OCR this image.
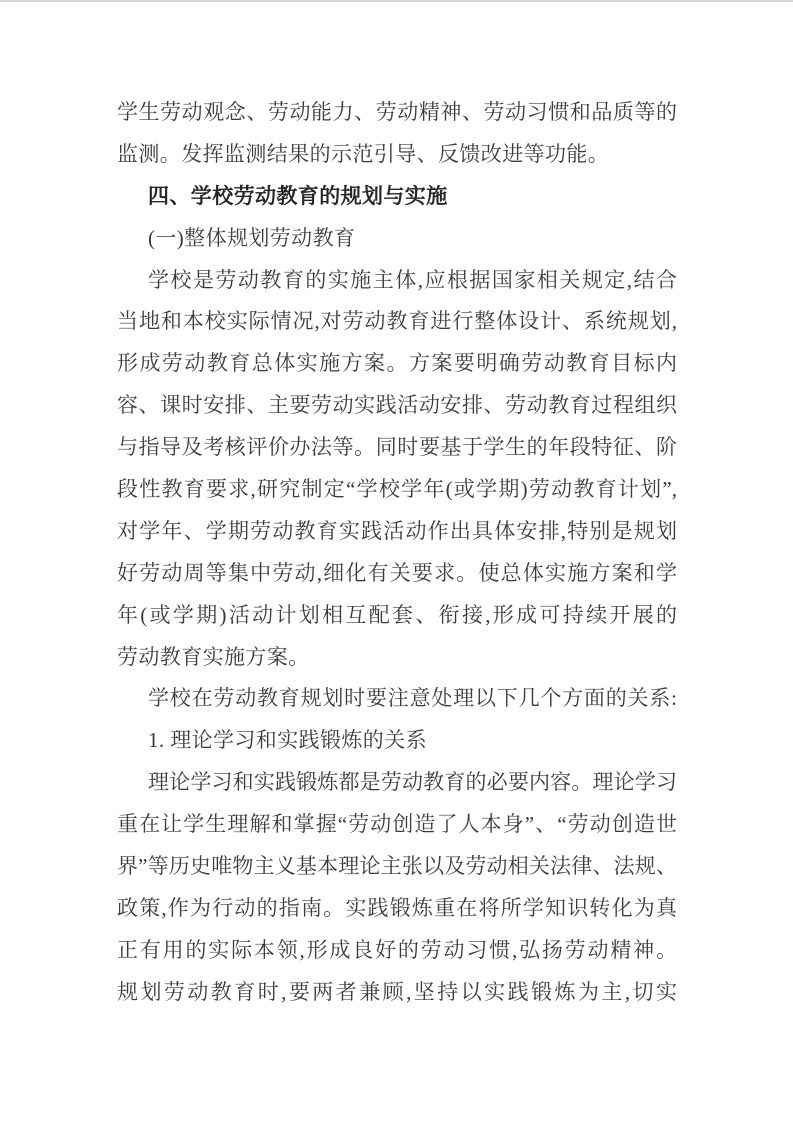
学生劳动观念、劳动能力、劳动精神、劳动习惯和品质等的
监测。发挥监测结果的示范引导、反馈改进等功能。
四、学校劳动教育的规划与实施
(一)整体规划劳动教育
学校是劳动教育的实施主体,应根据国家相关规定,结合
当地和本校实际情况,对劳动教育进行整体设计、系统规划,
形成劳动教育总体实施方案。方案要明确劳动教育目标内
容、课时安排、主要劳动实践活动安排、劳动教育过程组织
与指导及考核评价办法等。同时要基于学生的年段特征、阶
段性教育要求,研究制定“学校学年(或学期)劳动教育计划”,
对学年、学期劳动教育实践活动作出具体安排,特别是规划
好劳动周等集中劳动,细化有关要求。使总体实施方案和学
年(或学期)活动计划相互配套、衔接,形成可持续开展的
劳动教育实施方案。
学校在劳动教育规划时要注意处理以下几个方面的关系:
1. 理论学习和实践锻炼的关系
理论学习和实践锻炼都是劳动教育的必要内容。理论学习
重在让学生理解和掌握“劳动创造了人本身”、“劳动创造世
界”等历史唯物主义基本理论主张以及劳动相关法律、法规、
政策,作为行动的指南。实践锻炼重在将所学知识转化为真
正有用的实际本领,形成良好的劳动习惯,弘扬劳动精神。
规划劳动教育时,要两者兼顾,坚持以实践锻炼为主,切实
